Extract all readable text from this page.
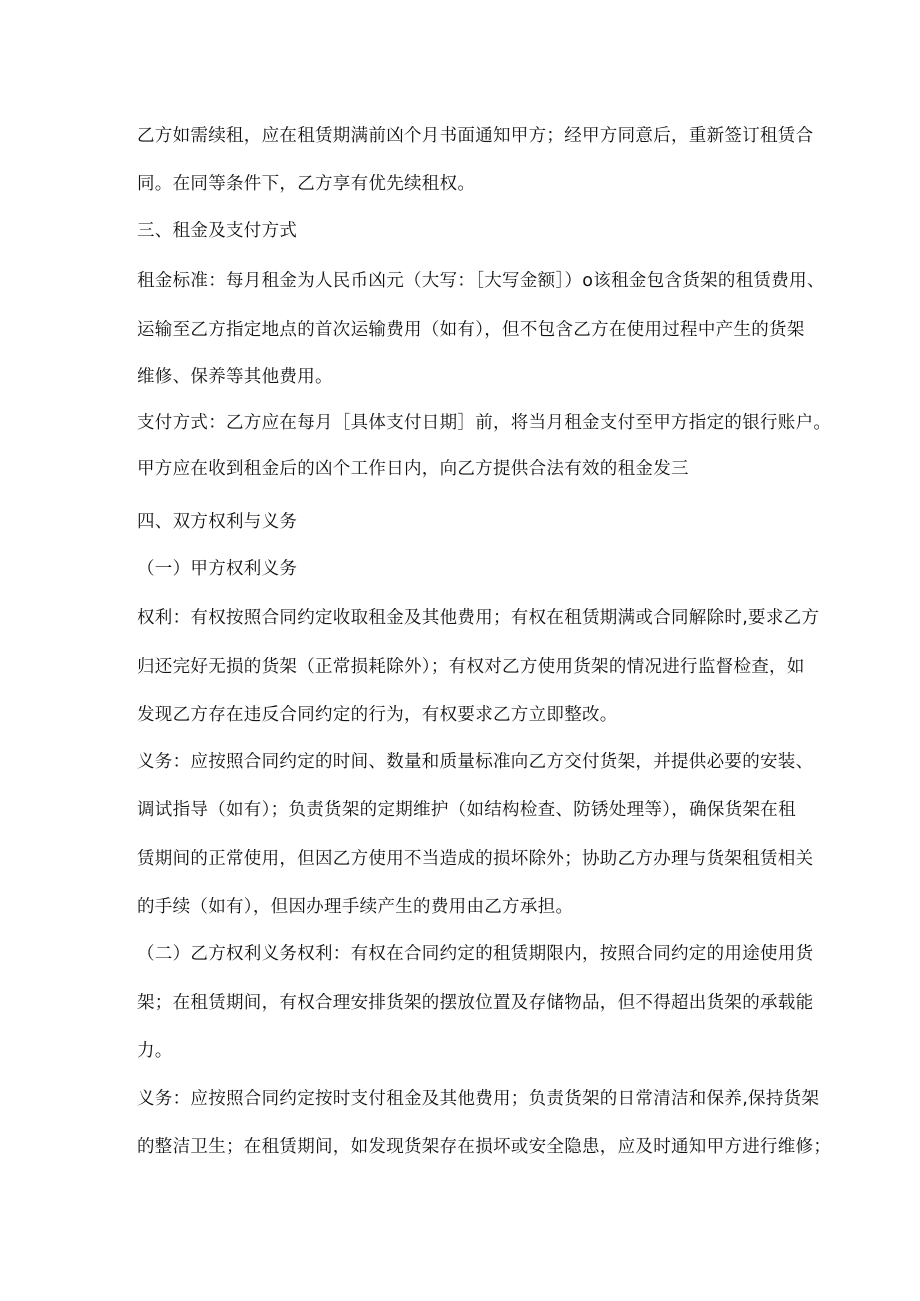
乙方如需续租，应在租赁期满前凶个月书面通知甲方；经甲方同意后，重新签订租赁合
同。在同等条件下，乙方享有优先续租权。
三、租金及支付方式
租金标准：每月租金为人民币凶元（大写：［大写金额］）o该租金包含货架的租赁费用、
运输至乙方指定地点的首次运输费用（如有），但不包含乙方在使用过程中产生的货架
维修、保养等其他费用。
支付方式：乙方应在每月［具体支付日期］前，将当月租金支付至甲方指定的银行账户。
甲方应在收到租金后的凶个工作日内，向乙方提供合法有效的租金发三
四、双方权利与义务
（一）甲方权利义务
权利：有权按照合同约定收取租金及其他费用；有权在租赁期满或合同解除时,要求乙方
归还完好无损的货架（正常损耗除外）；有权对乙方使用货架的情况进行监督检查，如
发现乙方存在违反合同约定的行为，有权要求乙方立即整改。
义务：应按照合同约定的时间、数量和质量标准向乙方交付货架，并提供必要的安装、
调试指导（如有）；负责货架的定期维护（如结构检查、防锈处理等），确保货架在租
赁期间的正常使用，但因乙方使用不当造成的损坏除外；协助乙方办理与货架租赁相关
的手续（如有），但因办理手续产生的费用由乙方承担。
（二）乙方权利义务权利：有权在合同约定的租赁期限内，按照合同约定的用途使用货
架；在租赁期间，有权合理安排货架的摆放位置及存储物品，但不得超出货架的承载能
力。
义务：应按照合同约定按时支付租金及其他费用；负责货架的日常清洁和保养,保持货架
的整洁卫生；在租赁期间，如发现货架存在损坏或安全隐患，应及时通知甲方进行维修；
